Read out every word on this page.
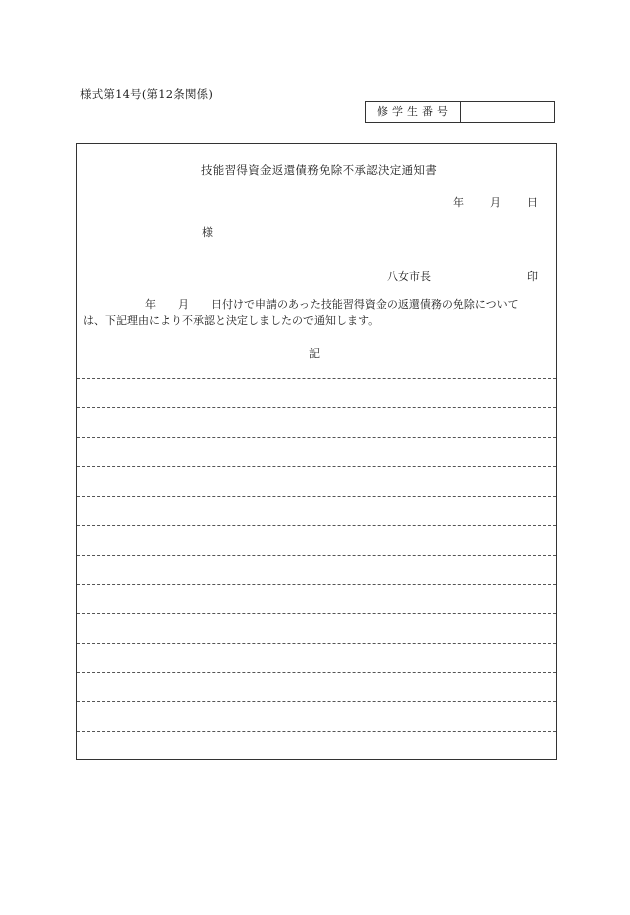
様式第14号(第12条関係)
修学生番号
技能習得資金返還債務免除不承認決定通知書
年 月 日
様
八女市長	印
年 月 日付けで申請のあった技能習得資金の返還債務の免除について
は、下記理由により不承認と決定しましたので通知します。
記
